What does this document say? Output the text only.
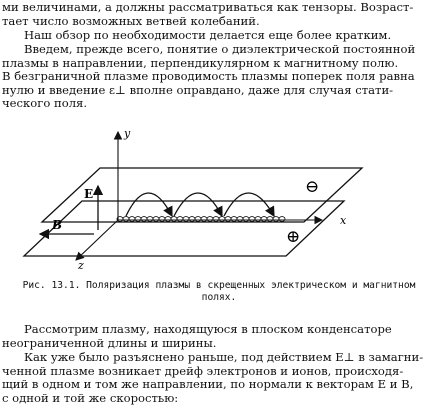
ми величинами, а должны рассматриваться как тензоры. Возраст-
тает число возможных ветвей колебаний.

Наш обзор по необходимости делается еще более кратким.

Введем, прежде всего, понятие о диэлектрической постоянной
плазмы в направлении, перпендикулярном к магнитному полю.
В безграничной плазме проводимость плазмы поперек поля равна
нулю и введение ε⊥ вполне оправдано, даже для случая стати-
ческого поля.

y
x
z
E
B
⊖
⊕
Рис. 13.1. Поляризация плазмы в скрещенных электрическом и магнитном
полях.

Рассмотрим плазму, находящуюся в плоском конденсаторе
неограниченной длины и ширины.

Как уже было разъяснено раньше, под действием E⊥ в замагни-
ченной плазме возникает дрейф электронов и ионов, происходя-
щий в одном и том же направлении, по нормали к векторам E и B,
с одной и той же скоростью:
